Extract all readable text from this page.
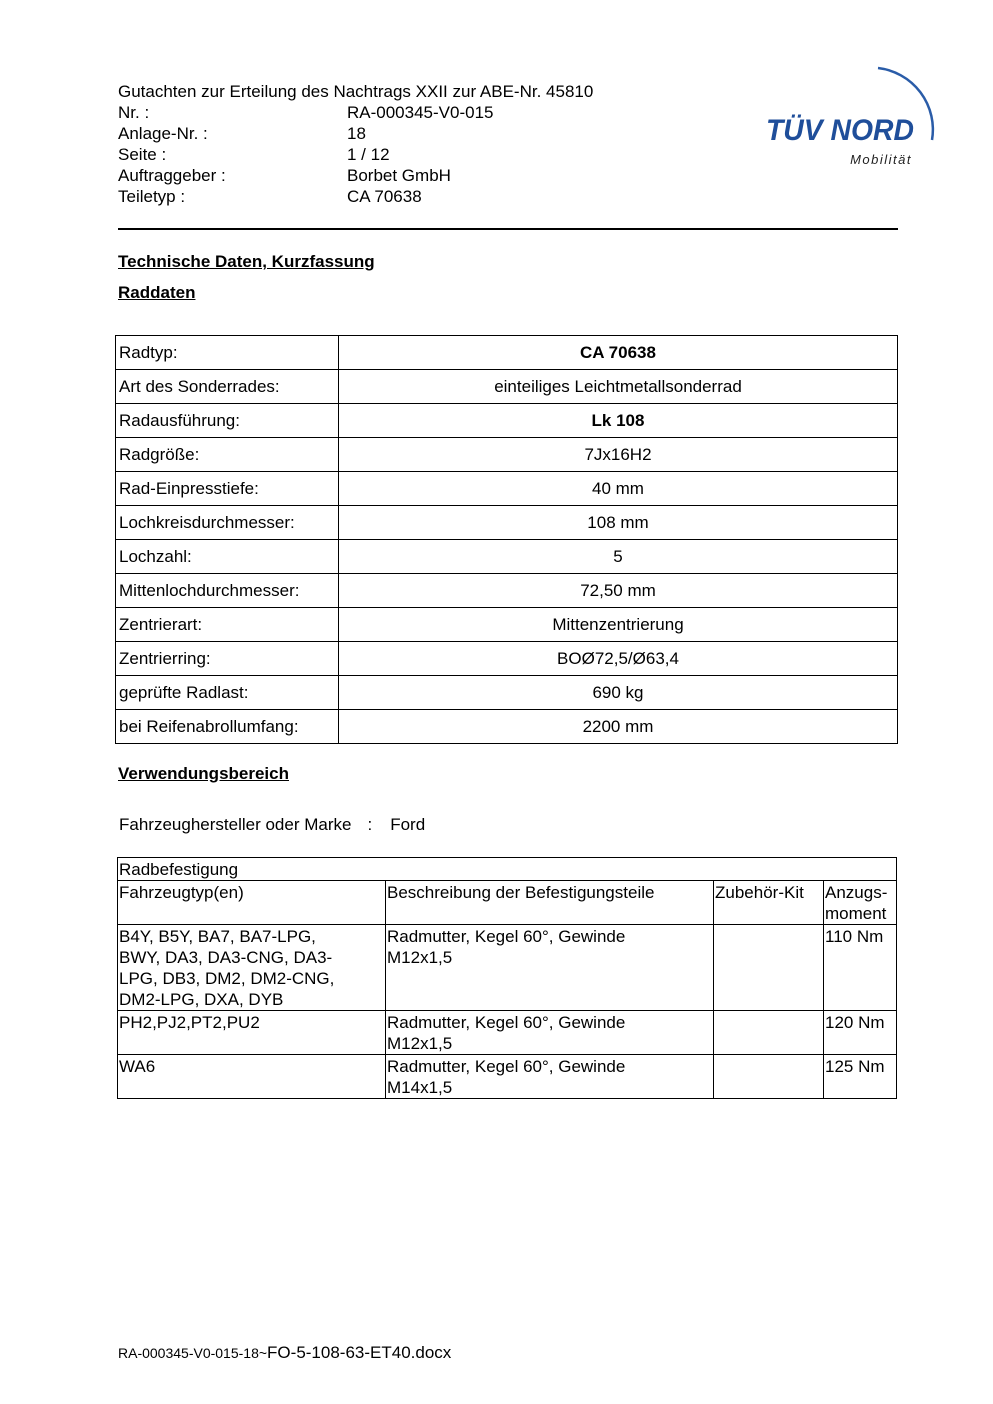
Gutachten zur Erteilung des Nachtrags XXII zur ABE-Nr. 45810
Nr. :	RA-000345-V0-015
Anlage-Nr. :	18
Seite :	1 / 12
Auftraggeber :	Borbet GmbH
Teiletyp :	CA 70638
TÜV NORD
Mobilität
Technische Daten, Kurzfassung
Raddaten
Radtyp:	CA 70638
Art des Sonderrades:	einteiliges Leichtmetallsonderrad
Radausführung:	Lk 108
Radgröße:	7Jx16H2
Rad-Einpresstiefe:	40 mm
Lochkreisdurchmesser:	108 mm
Lochzahl:	5
Mittenlochdurchmesser:	72,50 mm
Zentrierart:	Mittenzentrierung
Zentrierring:	BOØ72,5/Ø63,4
geprüfte Radlast:	690 kg
bei Reifenabrollumfang:	2200 mm
Verwendungsbereich
Fahrzeughersteller oder Marke : Ford
Radbefestigung			
Fahrzeugtyp(en)	Beschreibung der Befestigungsteile	Zubehör-Kit	Anzugs-
moment
B4Y, B5Y, BA7, BA7-LPG,
BWY, DA3, DA3-CNG, DA3-
LPG, DB3, DM2, DM2-CNG,
DM2-LPG, DXA, DYB	Radmutter, Kegel 60°, Gewinde
M12x1,5		110 Nm
PH2,PJ2,PT2,PU2	Radmutter, Kegel 60°, Gewinde
M12x1,5		120 Nm
WA6	Radmutter, Kegel 60°, Gewinde
M14x1,5		125 Nm
RA-000345-V0-015-18~FO-5-108-63-ET40.docx
